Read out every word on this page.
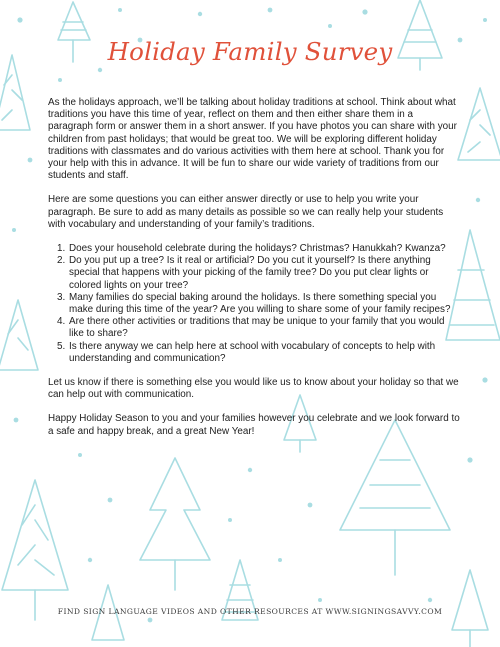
Holiday Family Survey

As the holidays approach, we’ll be talking about holiday traditions at school. Think about what traditions you have this time of year, reflect on them and then either share them in a paragraph form or answer them in a short answer. If you have photos you can share with your children from past holidays; that would be great too. We will be exploring different holiday traditions with classmates and do various activities with them here at school. Thank you for your help with this in advance. It will be fun to share our wide variety of traditions from our students and staff.

Here are some questions you can either answer directly or use to help you write your paragraph. Be sure to add as many details as possible so we can really help your students with vocabulary and understanding of your family’s traditions.

1. Does your household celebrate during the holidays? Christmas? Hanukkah? Kwanza?
2. Do you put up a tree? Is it real or artificial? Do you cut it yourself? Is there anything special that happens with your picking of the family tree? Do you put clear lights or colored lights on your tree?
3. Many families do special baking around the holidays. Is there something special you make during this time of the year? Are you willing to share some of your family recipes?
4. Are there other activities or traditions that may be unique to your family that you would like to share?
5. Is there anyway we can help here at school with vocabulary of concepts to help with understanding and communication?

Let us know if there is something else you would like us to know about your holiday so that we can help out with communication.

Happy Holiday Season to you and your families however you celebrate and we look forward to a safe and happy break, and a great New Year!

FIND SIGN LANGUAGE VIDEOS AND OTHER RESOURCES AT WWW.SIGNINGSAVVY.COM
